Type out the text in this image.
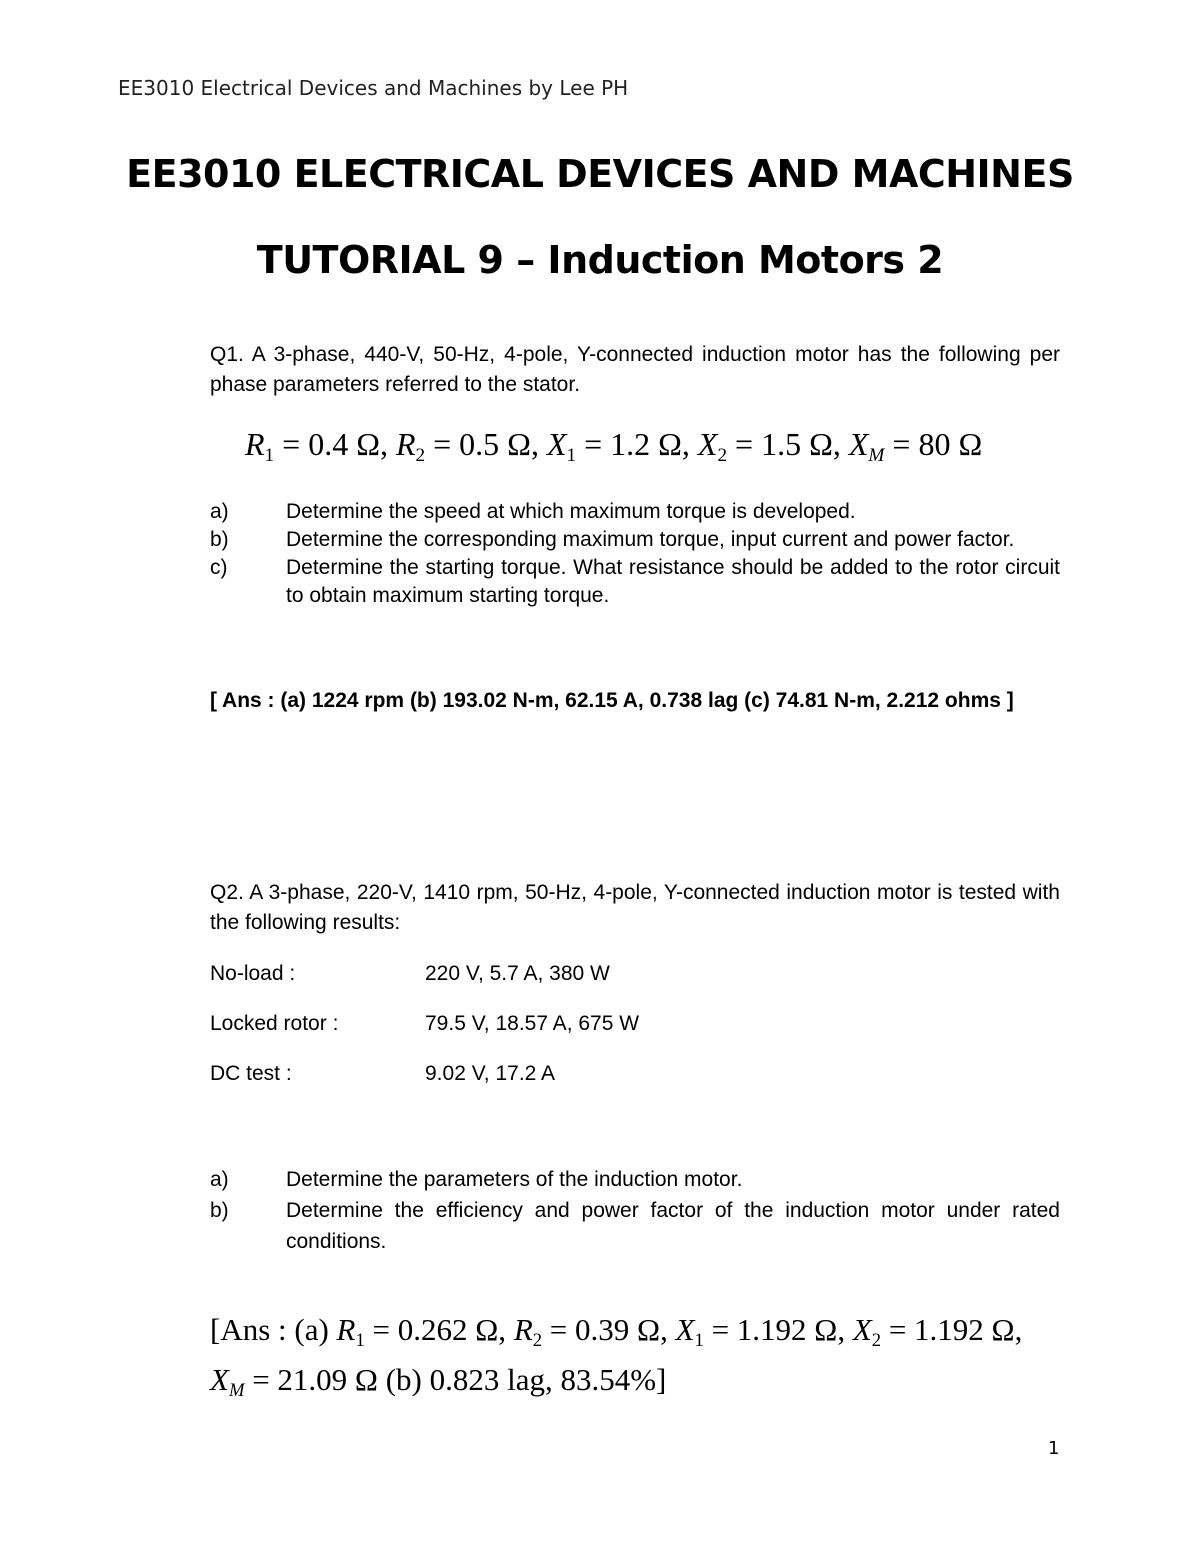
EE3010 Electrical Devices and Machines by Lee PH
EE3010 ELECTRICAL DEVICES AND MACHINES
TUTORIAL 9 – Induction Motors 2
Q1. A 3-phase, 440-V, 50-Hz, 4-pole, Y-connected induction motor has the following per phase parameters referred to the stator.
$R_1 = 0.4$ Ω, $R_2 = 0.5$ Ω, $X_1 = 1.2$ Ω, $X_2 = 1.5$ Ω, $X_M = 80$ Ω
a)	Determine the speed at which maximum torque is developed.
b)	Determine the corresponding maximum torque, input current and power factor.
c)	Determine the starting torque. What resistance should be added to the rotor circuit to obtain maximum starting torque.
[ Ans : (a) 1224 rpm (b) 193.02 N-m, 62.15 A, 0.738 lag (c) 74.81 N-m, 2.212 ohms ]
Q2. A 3-phase, 220-V, 1410 rpm, 50-Hz, 4-pole, Y-connected induction motor is tested with the following results:
No-load :	220 V, 5.7 A, 380 W
Locked rotor :	79.5 V, 18.57 A, 675 W
DC test :	9.02 V, 17.2 A
a)	Determine the parameters of the induction motor.
b)	Determine the efficiency and power factor of the induction motor under rated conditions.
[Ans : (a) $R_1 = 0.262$ Ω, $R_2 = 0.39$ Ω, $X_1 = 1.192$ Ω, $X_2 = 1.192$ Ω,
$X_M = 21.09$ Ω (b) 0.823 lag, 83.54%]
1
